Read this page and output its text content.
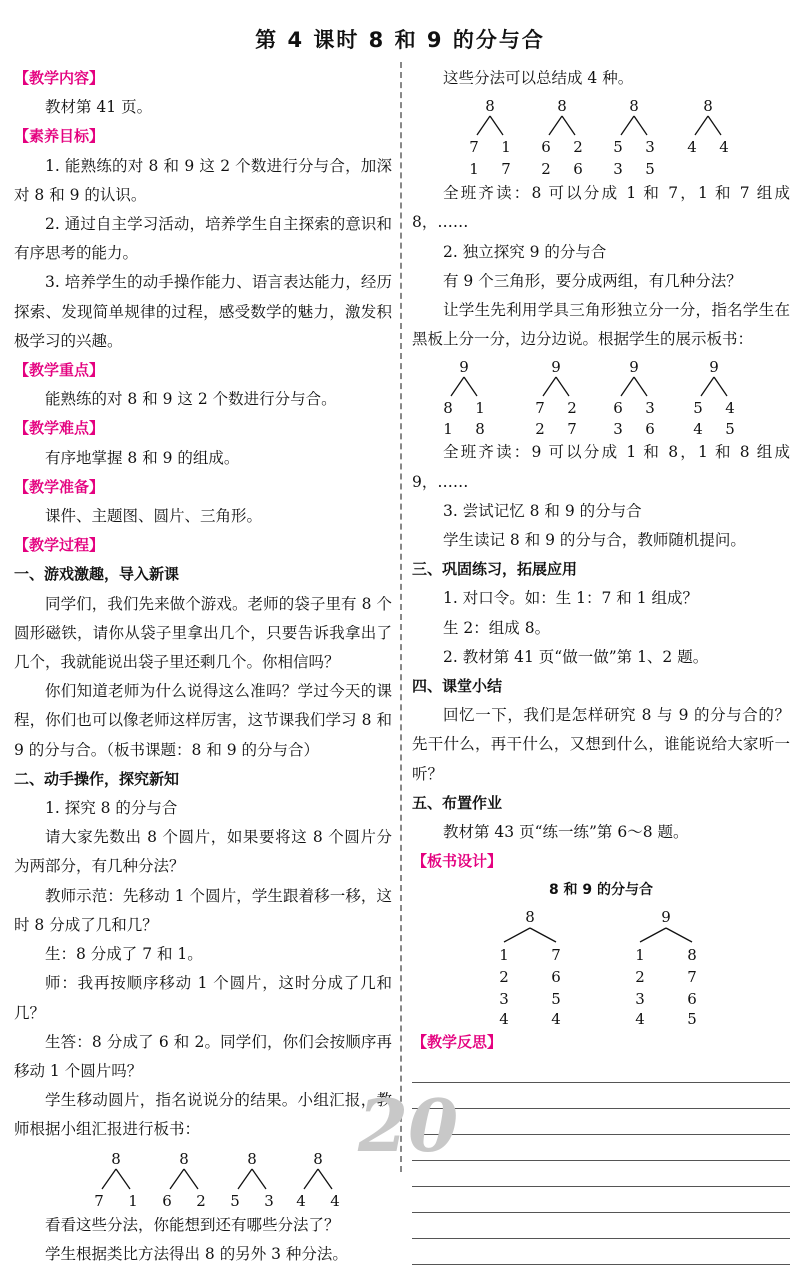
第 4 课时 8 和 9 的分与合
【教学内容】
教材第 41 页。
【素养目标】
1. 能熟练的对 8 和 9 这 2 个数进行分与合，加深对 8 和 9 的认识。
2. 通过自主学习活动，培养学生自主探索的意识和有序思考的能力。
3. 培养学生的动手操作能力、语言表达能力，经历探索、发现简单规律的过程，感受数学的魅力，激发积极学习的兴趣。
【教学重点】
能熟练的对 8 和 9 这 2 个数进行分与合。
【教学难点】
有序地掌握 8 和 9 的组成。
【教学准备】
课件、主题图、圆片、三角形。
【教学过程】
一、游戏激趣，导入新课
同学们，我们先来做个游戏。老师的袋子里有 8 个圆形磁铁，请你从袋子里拿出几个，只要告诉我拿出了几个，我就能说出袋子里还剩几个。你相信吗？
你们知道老师为什么说得这么准吗？学过今天的课程，你们也可以像老师这样厉害，这节课我们学习 8 和 9 的分与合。（板书课题：8 和 9 的分与合）
二、动手操作，探究新知
1. 探究 8 的分与合
请大家先数出 8 个圆片，如果要将这 8 个圆片分为两部分，有几种分法？
教师示范：先移动 1 个圆片，学生跟着移一移，这时 8 分成了几和几？
生：8 分成了 7 和 1。
师：我再按顺序移动 1 个圆片，这时分成了几和几？
生答：8 分成了 6 和 2。同学们，你们会按顺序再移动 1 个圆片吗？
学生移动圆片，指名说说分的结果。小组汇报，教师根据小组汇报进行板书：
8
7 1
8
6 2
8
5 3
8
4 4
看看这些分法，你能想到还有哪些分法了？
学生根据类比方法得出 8 的另外 3 种分法。
这些分法可以总结成 4 种。
8
7 1
1 7
8
6 2
2 6
8
5 3
3 5
8
4 4
全班齐读：8 可以分成 1 和 7，1 和 7 组成 8，……
2. 独立探究 9 的分与合
有 9 个三角形，要分成两组，有几种分法？
让学生先利用学具三角形独立分一分，指名学生在黑板上分一分，边分边说。根据学生的展示板书：
9
8 1
1 8
9
7 2
2 7
9
6 3
3 6
9
5 4
4 5
全班齐读：9 可以分成 1 和 8，1 和 8 组成 9，……
3. 尝试记忆 8 和 9 的分与合
学生读记 8 和 9 的分与合，教师随机提问。
三、巩固练习，拓展应用
1. 对口令。如：生 1：7 和 1 组成？
生 2：组成 8。
2. 教材第 41 页“做一做”第 1、2 题。
四、课堂小结
回忆一下，我们是怎样研究 8 与 9 的分与合的？先干什么，再干什么，又想到什么，谁能说给大家听一听？
五、布置作业
教材第 43 页“练一练”第 6～8 题。
【板书设计】
8 和 9 的分与合
8
1	7
2	6
3	5
4	4
9
1	8
2	7
3	6
4	5
【教学反思】
20
